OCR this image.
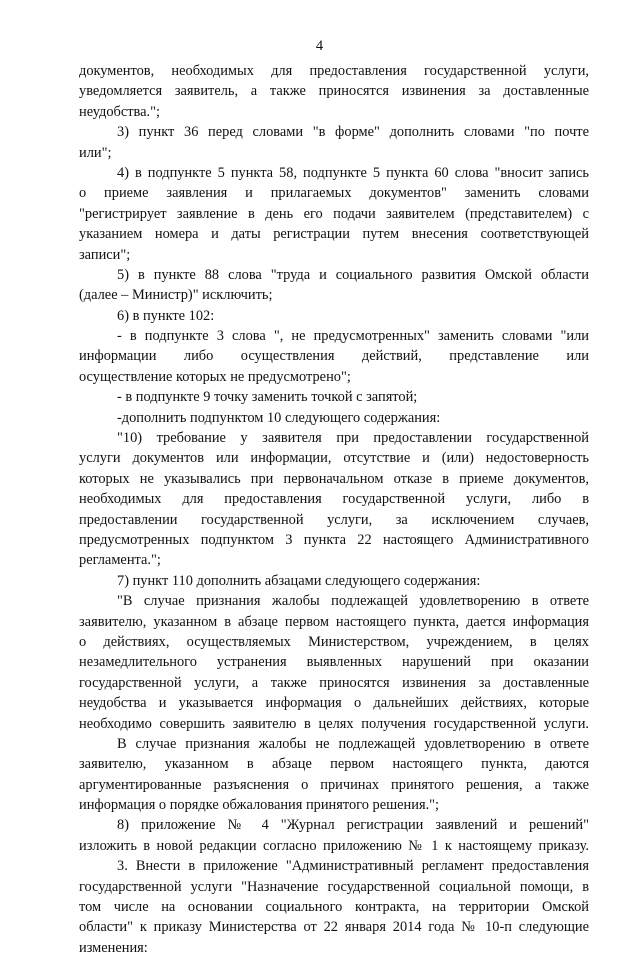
4
документов, необходимых для предоставления государственной услуги,
уведомляется заявитель, а также приносятся извинения за доставленные
неудобства.";
3) пункт 36 перед словами "в форме" дополнить словами "по почте
или";
4) в подпункте 5 пункта 58, подпункте 5 пункта 60 слова "вносит запись
о приеме заявления и прилагаемых документов" заменить словами
"регистрирует заявление в день его подачи заявителем (представителем) с
указанием номера и даты регистрации путем внесения соответствующей
записи";
5) в пункте 88 слова "труда и социального развития Омской области
(далее – Министр)" исключить;
6) в пункте 102:
- в подпункте 3 слова ", не предусмотренных" заменить словами "или
информации либо осуществления действий, представление или
осуществление которых не предусмотрено";
- в подпункте 9 точку заменить точкой с запятой;
-дополнить подпунктом 10 следующего содержания:
"10) требование у заявителя при предоставлении государственной
услуги документов или информации, отсутствие и (или) недостоверность
которых не указывались при первоначальном отказе в приеме документов,
необходимых для предоставления государственной услуги, либо в
предоставлении государственной услуги, за исключением случаев,
предусмотренных подпунктом 3 пункта 22 настоящего Административного
регламента.";
7) пункт 110 дополнить абзацами следующего содержания:
"В случае признания жалобы подлежащей удовлетворению в ответе
заявителю, указанном в абзаце первом настоящего пункта, дается информация
о действиях, осуществляемых Министерством, учреждением, в целях
незамедлительного устранения выявленных нарушений при оказании
государственной услуги, а также приносятся извинения за доставленные
неудобства и указывается информация о дальнейших действиях, которые
необходимо совершить заявителю в целях получения государственной услуги.
В случае признания жалобы не подлежащей удовлетворению в ответе
заявителю, указанном в абзаце первом настоящего пункта, даются
аргументированные разъяснения о причинах принятого решения, а также
информация о порядке обжалования принятого решения.";
8) приложение № 4 "Журнал регистрации заявлений и решений"
изложить в новой редакции согласно приложению № 1 к настоящему приказу.
3. Внести в приложение "Административный регламент предоставления
государственной услуги "Назначение государственной социальной помощи, в
том числе на основании социального контракта, на территории Омской
области" к приказу Министерства от 22 января 2014 года № 10-п следующие
изменения:
